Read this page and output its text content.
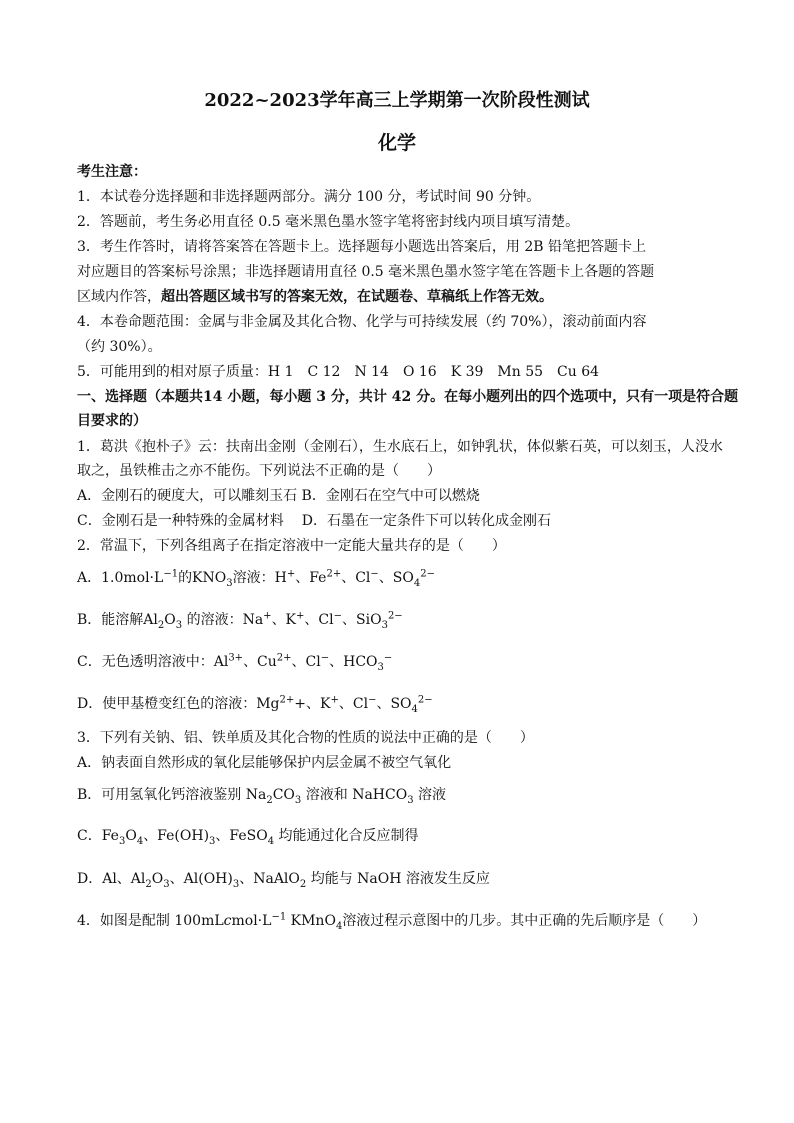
2022~2023学年高三上学期第一次阶段性测试
化学
考生注意：
1．本试卷分选择题和非选择题两部分。满分 100 分，考试时间 90 分钟。
2．答题前，考生务必用直径 0.5 毫米黑色墨水签字笔将密封线内项目填写清楚。
3．考生作答时，请将答案答在答题卡上。选择题每小题选出答案后，用 2B 铅笔把答题卡上
对应题目的答案标号涂黑；非选择题请用直径 0.5 毫米黑色墨水签字笔在答题卡上各题的答题
区域内作答，超出答题区域书写的答案无效，在试题卷、草稿纸上作答无效。
4．本卷命题范围：金属与非金属及其化合物、化学与可持续发展（约 70%），滚动前面内容
（约 30%）。
5．可能用到的相对原子质量：H 1　C 12　N 14　O 16　K 39　Mn 55　Cu 64
一、选择题（本题共14 小题，每小题 3 分，共计 42 分。在每小题列出的四个选项中，只有一项是符合题
目要求的）
1．葛洪《抱朴子》云：扶南出金刚（金刚石），生水底石上，如钟乳状，体似紫石英，可以刻玉，人没水
取之，虽铁椎击之亦不能伤。下列说法不正确的是（　　）
A．金刚石的硬度大，可以雕刻玉石 B．金刚石在空气中可以燃烧
C．金刚石是一种特殊的金属材料 D．石墨在一定条件下可以转化成金刚石
2．常温下，下列各组离子在指定溶液中一定能大量共存的是（　　）
A．$1.0mol\cdot L^{-1}$的$KNO_3$溶液：H+、$Fe^{2+}$、Cl−、$SO_4^{2-}$
B．能溶解$Al_2O_3$ 的溶液：Na+、K+、Cl−、SiO$_3^{2-}$
C．无色透明溶液中：$Al^{3+}$、$Cu^{2+}$、Cl−、$HCO_3^-$
D．使甲基橙变红色的溶液：$Mg^{2+}+$、K+、Cl−、$SO_4^{2-}$
3．下列有关钠、铝、铁单质及其化合物的性质的说法中正确的是（　　）
A．钠表面自然形成的氧化层能够保护内层金属不被空气氧化
B．可用氢氧化钙溶液鉴别 $Na_2CO_3$ 溶液和 NaHCO$_3$ 溶液
C．$Fe_3O_4$、$Fe(OH)_3$、FeSO$_4$ 均能通过化合反应制得
D．Al、$Al_2O_3$、$Al(OH)_3$、NaAlO$_2$ 均能与 NaOH 溶液发生反应
4．如图是配制 $100mLcmol\cdot L^{-1}$ KMnO$_4$溶液过程示意图中的几步。其中正确的先后顺序是（　　）
